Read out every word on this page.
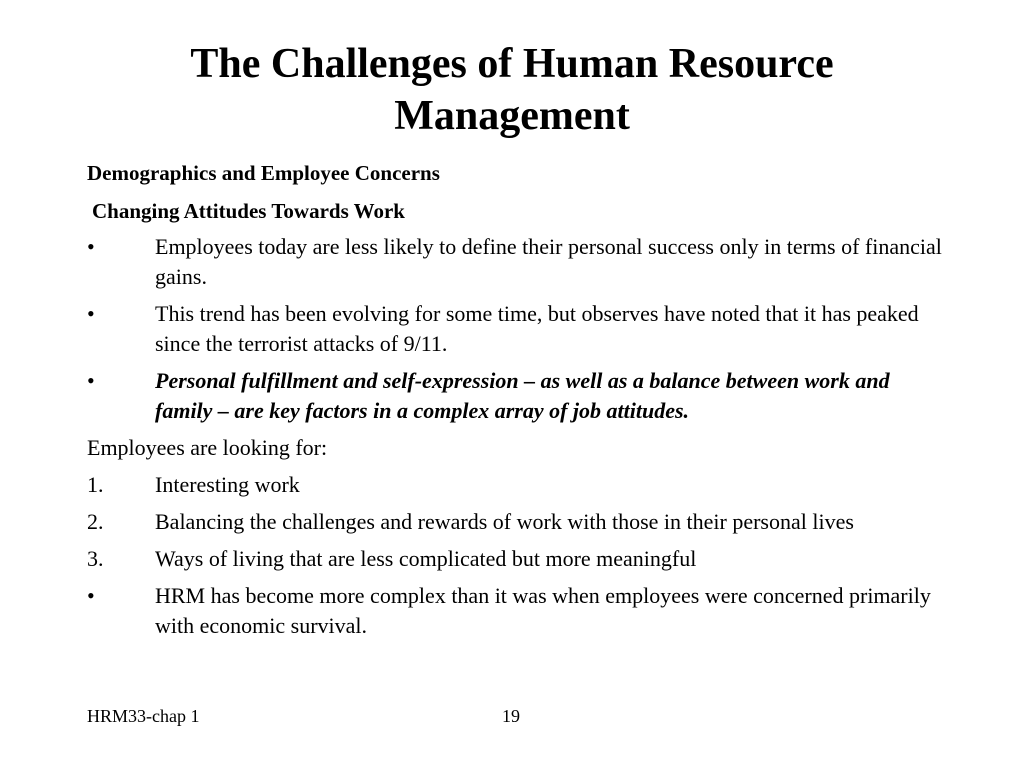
The Challenges of Human Resource
Management
Demographics and Employee Concerns
Changing Attitudes Towards Work
•	Employees today are less likely to define their personal success only in terms of financial gains.
•	This trend has been evolving for some time, but observes have noted that it has peaked since the terrorist attacks of 9/11.
•	Personal fulfillment and self-expression – as well as a balance between work and family – are key factors in a complex array of job attitudes.
Employees are looking for:
1.	Interesting work
2.	Balancing the challenges and rewards of work with those in their personal lives
3.	Ways of living that are less complicated but more meaningful
•	HRM has become more complex than it was when employees were concerned primarily with economic survival.
HRM33-chap 1	19
